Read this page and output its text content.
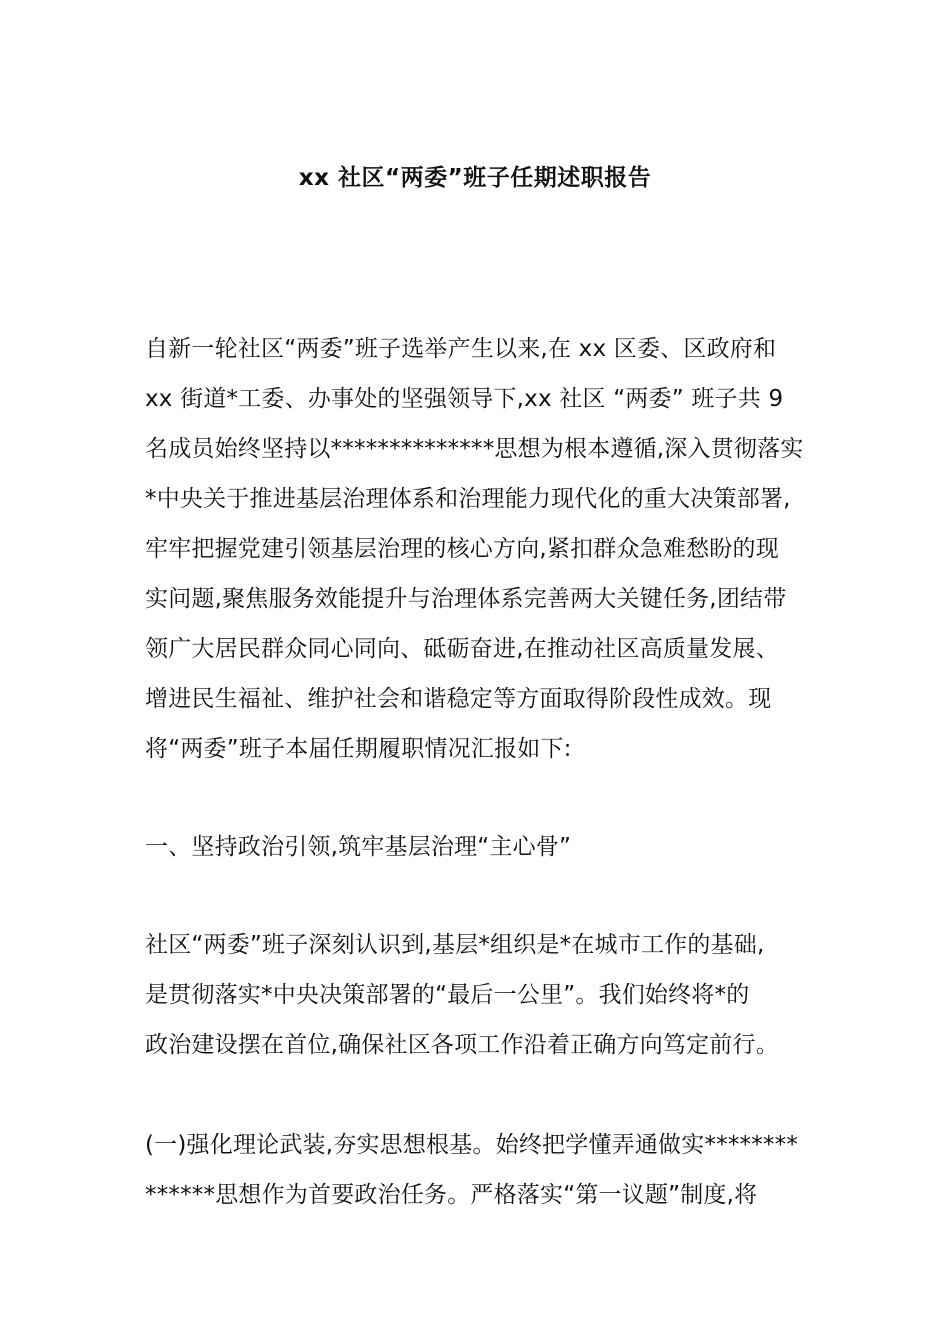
xx 社区“两委”班子任期述职报告
自新一轮社区“两委”班子选举产生以来,在 xx 区委、区政府和
xx 街道*工委、办事处的坚强领导下,xx 社区 “两委” 班子共 9
名成员始终坚持以**************思想为根本遵循,深入贯彻落实
*中央关于推进基层治理体系和治理能力现代化的重大决策部署,
牢牢把握党建引领基层治理的核心方向,紧扣群众急难愁盼的现
实问题,聚焦服务效能提升与治理体系完善两大关键任务,团结带
领广大居民群众同心同向、砥砺奋进,在推动社区高质量发展、
增进民生福祉、维护社会和谐稳定等方面取得阶段性成效。现
将“两委”班子本届任期履职情况汇报如下:
一、坚持政治引领,筑牢基层治理“主心骨”
社区“两委”班子深刻认识到,基层*组织是*在城市工作的基础,
是贯彻落实*中央决策部署的“最后一公里”。我们始终将*的
政治建设摆在首位,确保社区各项工作沿着正确方向笃定前行。
(一)强化理论武装,夯实思想根基。始终把学懂弄通做实********
******思想作为首要政治任务。严格落实“第一议题”制度,将
